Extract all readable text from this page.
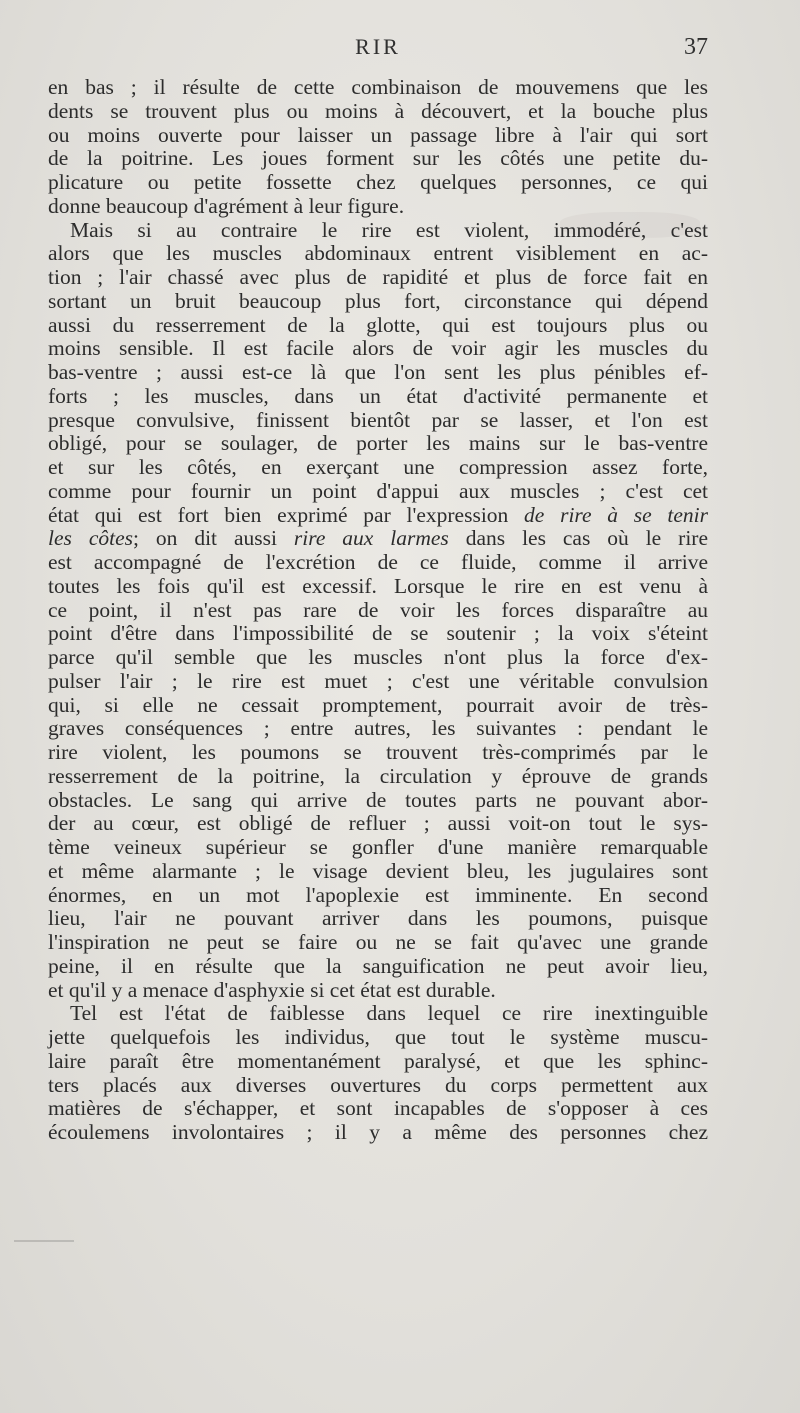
RIR	37
en bas ; il résulte de cette combinaison de mouvemens que les
dents se trouvent plus ou moins à découvert, et la bouche plus
ou moins ouverte pour laisser un passage libre à l'air qui sort
de la poitrine. Les joues forment sur les côtés une petite du-
plicature ou petite fossette chez quelques personnes, ce qui
donne beaucoup d'agrément à leur figure.
Mais si au contraire le rire est violent, immodéré, c'est
alors que les muscles abdominaux entrent visiblement en ac-
tion ; l'air chassé avec plus de rapidité et plus de force fait en
sortant un bruit beaucoup plus fort, circonstance qui dépend
aussi du resserrement de la glotte, qui est toujours plus ou
moins sensible. Il est facile alors de voir agir les muscles du
bas-ventre ; aussi est-ce là que l'on sent les plus pénibles ef-
forts ; les muscles, dans un état d'activité permanente et
presque convulsive, finissent bientôt par se lasser, et l'on est
obligé, pour se soulager, de porter les mains sur le bas-ventre
et sur les côtés, en exerçant une compression assez forte,
comme pour fournir un point d'appui aux muscles ; c'est cet
état qui est fort bien exprimé par l'expression de rire à se tenir
les côtes; on dit aussi rire aux larmes dans les cas où le rire
est accompagné de l'excrétion de ce fluide, comme il arrive
toutes les fois qu'il est excessif. Lorsque le rire en est venu à
ce point, il n'est pas rare de voir les forces disparaître au
point d'être dans l'impossibilité de se soutenir ; la voix s'éteint
parce qu'il semble que les muscles n'ont plus la force d'ex-
pulser l'air ; le rire est muet ; c'est une véritable convulsion
qui, si elle ne cessait promptement, pourrait avoir de très-
graves conséquences ; entre autres, les suivantes : pendant le
rire violent, les poumons se trouvent très-comprimés par le
resserrement de la poitrine, la circulation y éprouve de grands
obstacles. Le sang qui arrive de toutes parts ne pouvant abor-
der au cœur, est obligé de refluer ; aussi voit-on tout le sys-
tème veineux supérieur se gonfler d'une manière remarquable
et même alarmante ; le visage devient bleu, les jugulaires sont
énormes, en un mot l'apoplexie est imminente. En second
lieu, l'air ne pouvant arriver dans les poumons, puisque
l'inspiration ne peut se faire ou ne se fait qu'avec une grande
peine, il en résulte que la sanguification ne peut avoir lieu,
et qu'il y a menace d'asphyxie si cet état est durable.
Tel est l'état de faiblesse dans lequel ce rire inextinguible
jette quelquefois les individus, que tout le système muscu-
laire paraît être momentanément paralysé, et que les sphinc-
ters placés aux diverses ouvertures du corps permettent aux
matières de s'échapper, et sont incapables de s'opposer à ces
écoulemens involontaires ; il y a même des personnes chez
